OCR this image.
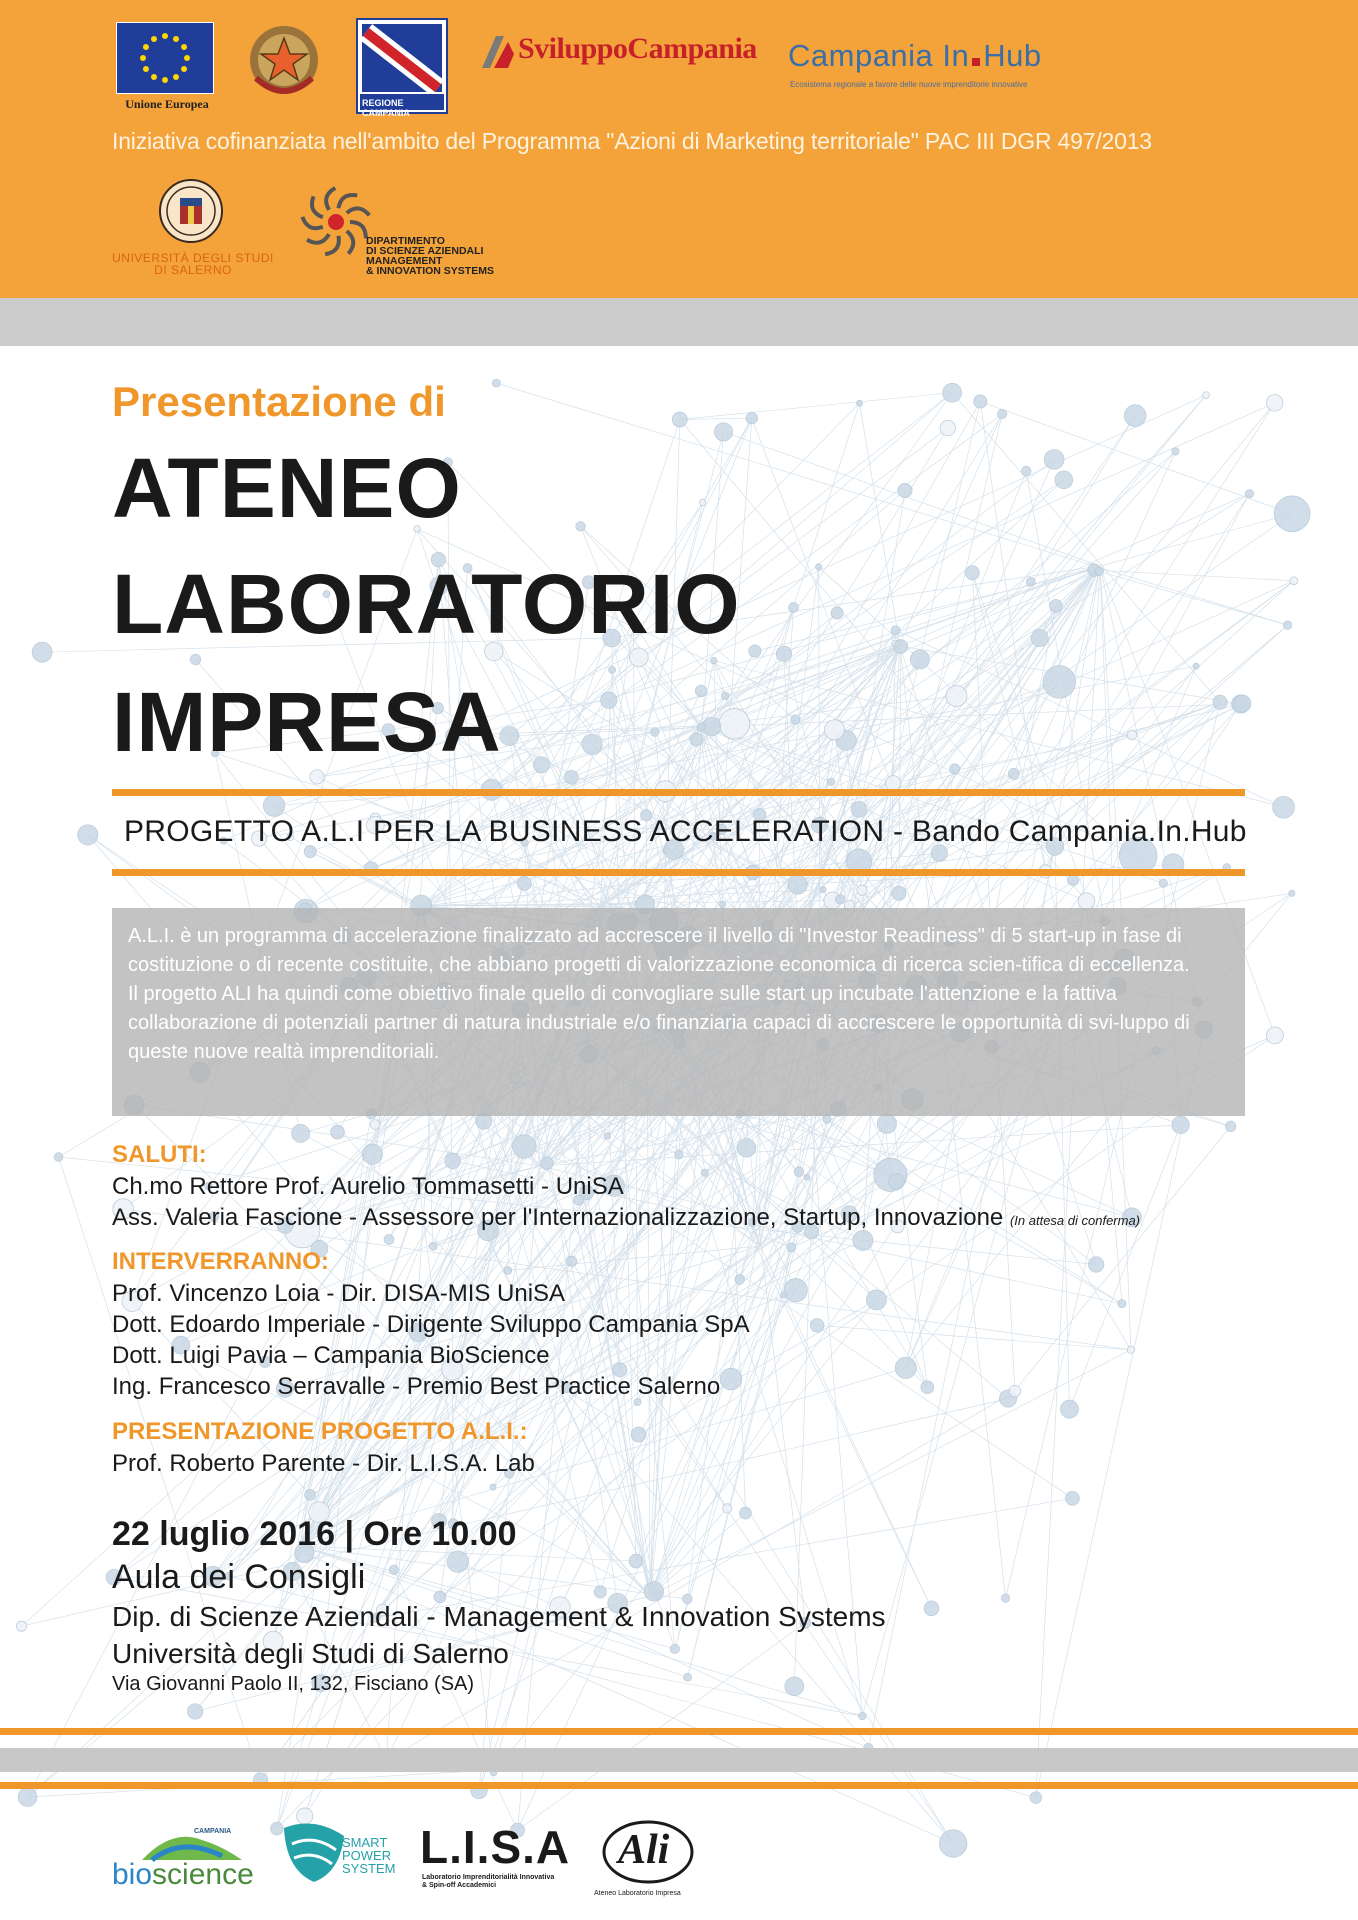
Unione Europea	REGIONE CAMPANIA
SviluppoCampania Campania In Hub
Ecosistema regionale a favore delle nuove imprenditorie innovative
Iniziativa cofinanziata nell'ambito del Programma "Azioni di Marketing territoriale" PAC III DGR 497/2013
UNIVERSITÀ DEGLI STUDI
DI SALERNO
DIPARTIMENTO
DI SCIENZE AZIENDALI
MANAGEMENT
& INNOVATION SYSTEMS
Presentazione di
ATENEO
LABORATORIO
IMPRESA
PROGETTO A.L.I PER LA BUSINESS ACCELERATION - Bando Campania.In.Hub
A.L.I. è un programma di accelerazione finalizzato ad accrescere il livello di "Investor Readiness" di 5 start-up in fase di costituzione o di recente costituite, che abbiano progetti di valorizzazione economica di ricerca scien-tifica di eccellenza.
Il progetto ALI ha quindi come obiettivo finale quello di convogliare sulle start up incubate l'attenzione e la fattiva collaborazione di potenziali partner di natura industriale e/o finanziaria capaci di accrescere le opportunità di svi-luppo di queste nuove realtà imprenditoriali.
SALUTI:
Ch.mo Rettore Prof. Aurelio Tommasetti - UniSA
Ass. Valeria Fascione - Assessore per l'Internazionalizzazione, Startup, Innovazione (In attesa di conferma)
INTERVERRANNO:
Prof. Vincenzo Loia - Dir. DISA-MIS UniSA
Dott. Edoardo Imperiale - Dirigente Sviluppo Campania SpA
Dott. Luigi Pavia – Campania BioScience
Ing. Francesco Serravalle - Premio Best Practice Salerno
PRESENTAZIONE PROGETTO A.L.I.:
Prof. Roberto Parente - Dir. L.I.S.A. Lab
22 luglio 2016 | Ore 10.00
Aula dei Consigli
Dip. di Scienze Aziendali - Management & Innovation Systems
Università degli Studi di Salerno
Via Giovanni Paolo II, 132, Fisciano (SA)
CAMPANIA
bioscience
SMART
POWER
SYSTEM L.I.S.A
Laboratorio Imprenditorialità Innovativa
& Spin-off Accademici
Ali
Ateneo Laboratorio Impresa
